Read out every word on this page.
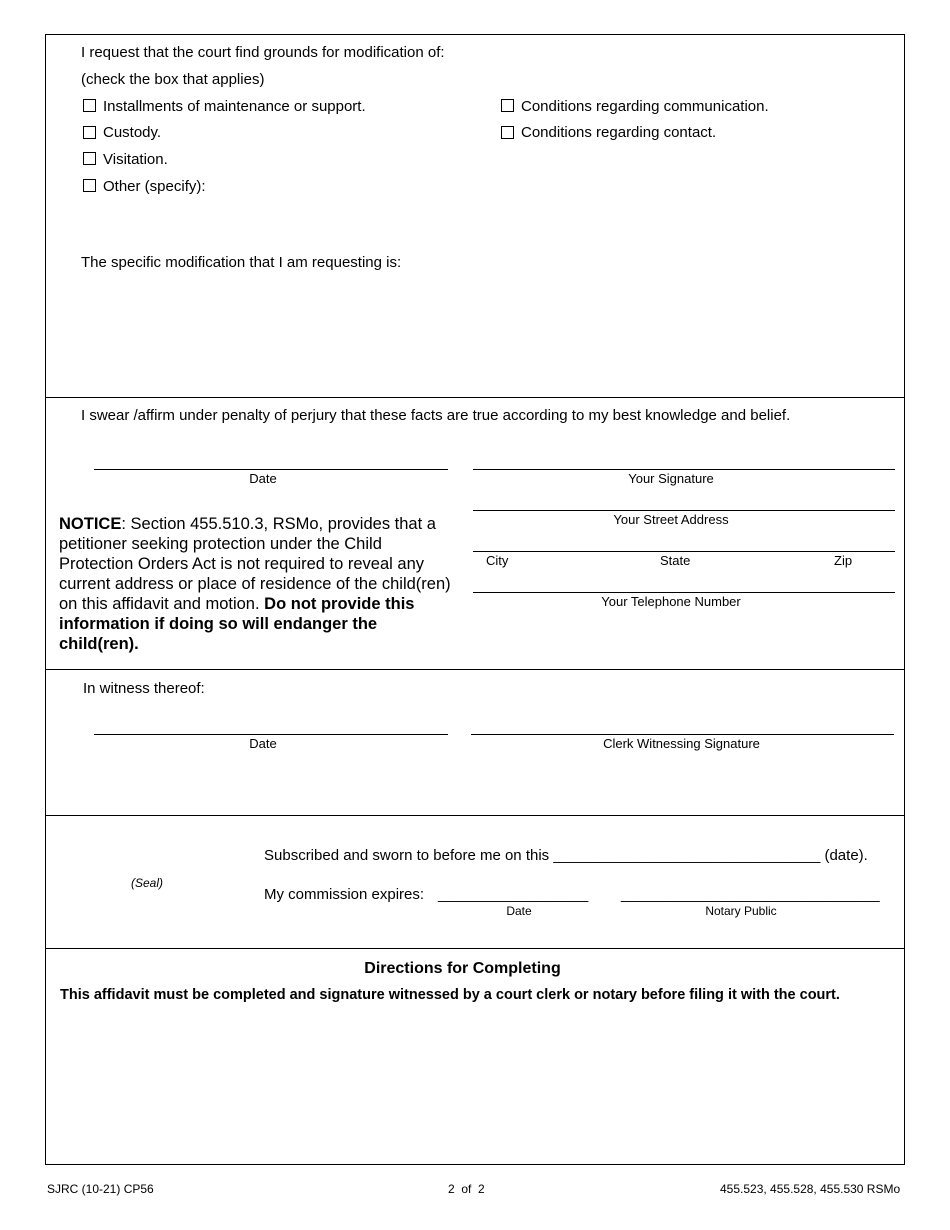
I request that the court find grounds for modification of:
(check the box that applies)
Installments of maintenance or support.
Custody.
Visitation.
Other (specify):
Conditions regarding communication.
Conditions regarding contact.
The specific modification that I am requesting is:
I swear /affirm under penalty of perjury that these facts are true according to my best knowledge and belief.
Date	Your Signature
Your Street Address
City	State	Zip
Your Telephone Number
NOTICE: Section 455.510.3, RSMo, provides that a petitioner seeking protection under the Child Protection Orders Act is not required to reveal any current address or place of residence of the child(ren) on this affidavit and motion. Do not provide this information if doing so will endanger the child(ren).
In witness thereof:
Date	Clerk Witnessing Signature
(Seal)
Subscribed and sworn to before me on this ________________________________ (date).
My commission expires: __________________ _______________________________
Date	Notary Public
Directions for Completing
This affidavit must be completed and signature witnessed by a court clerk or notary before filing it with the court.
SJRC (10-21) CP56	2  of  2	455.523, 455.528, 455.530 RSMo
